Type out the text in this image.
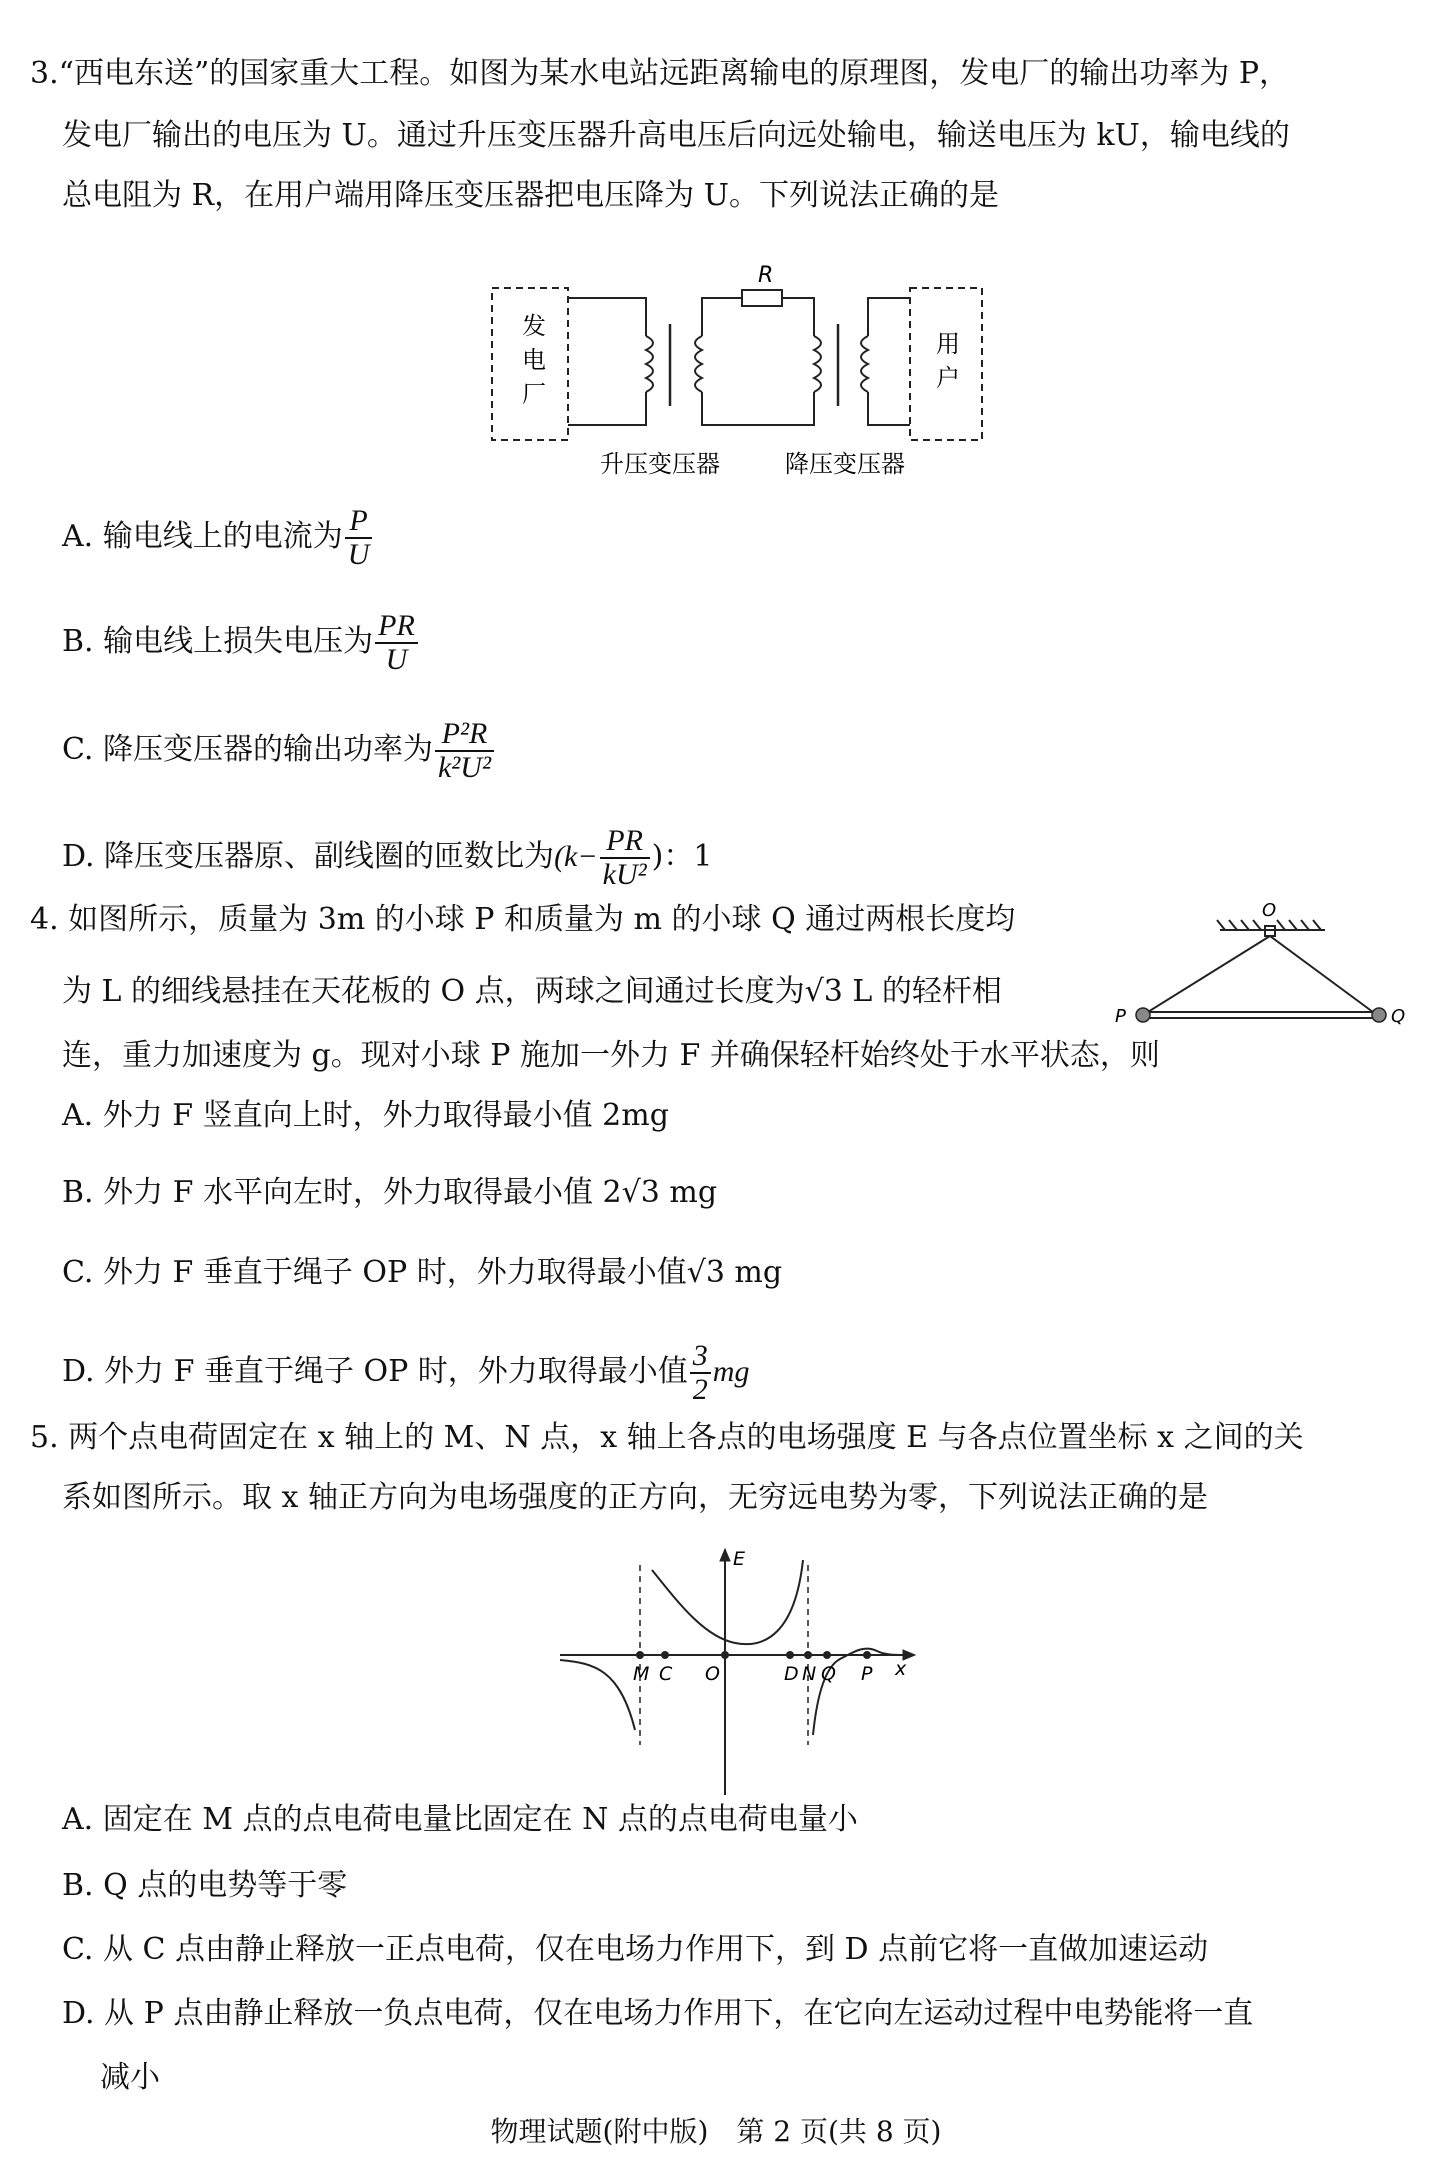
3.“西电东送”的国家重大工程。如图为某水电站远距离输电的原理图，发电厂的输出功率为 P，
发电厂输出的电压为 U。通过升压变压器升高电压后向远处输电，输送电压为 kU，输电线的
总电阻为 R，在用户端用降压变压器把电压降为 U。下列说法正确的是
R
发
电
厂
用
户
升压变压器	降压变压器
A. 输电线上的电流为 $\frac{P}{U}$
B. 输电线上损失电压为 $\frac{PR}{U}$
C. 降压变压器的输出功率为 $\frac{\text{P²R}}{\text{k²U²}}$
D. 降压变压器原、副线圈的匝数比为($k- \frac{PR}{\text{kU²}}$ )：1
4. 如图所示，质量为 3m 的小球 P 和质量为 m 的小球 Q 通过两根长度均
为 L 的细线悬挂在天花板的 O 点，两球之间通过长度为√3 L 的轻杆相
连，重力加速度为 g。现对小球 P 施加一外力 F 并确保轻杆始终处于水平状态，则
O
P	Q
A. 外力 F 竖直向上时，外力取得最小值 2mg
B. 外力 F 水平向左时，外力取得最小值 2√3 mg
C. 外力 F 垂直于绳子 OP 时，外力取得最小值√3 mg
D. 外力 F 垂直于绳子 OP 时，外力取得最小值 $\frac{3}{2}$ mg
5. 两个点电荷固定在 x 轴上的 M、N 点，x 轴上各点的电场强度 E 与各点位置坐标 x 之间的关
系如图所示。取 x 轴正方向为电场强度的正方向，无穷远电势为零，下列说法正确的是
E
x
M C O	D N Q P
A. 固定在 M 点的点电荷电量比固定在 N 点的点电荷电量小
B. Q 点的电势等于零
C. 从 C 点由静止释放一正点电荷，仅在电场力作用下，到 D 点前它将一直做加速运动
D. 从 P 点由静止释放一负点电荷，仅在电场力作用下，在它向左运动过程中电势能将一直
减小
物理试题(附中版)　第 2 页(共 8 页)
